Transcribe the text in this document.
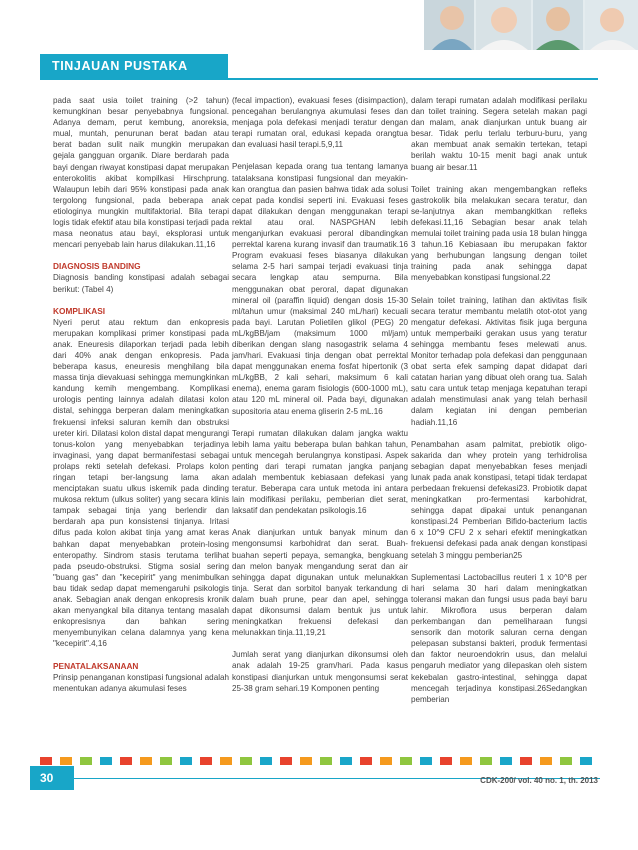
TINJAUAN PUSTAKA

pada saat usia toilet training (>2 tahun) kemungkinan besar penyebabnya fungsional. Adanya demam, perut kembung, anoreksia, mual, muntah, penurunan berat badan atau berat badan sulit naik mungkin merupakan gejala gangguan organik. Diare berdarah pada bayi dengan riwayat konstipasi dapat merupakan enterokolitis akibat kompilkasi Hirschprung. Walaupun lebih dari 95% konstipasi pada anak tergolong fungsional, pada beberapa anak etiologinya mungkin multifaktorial. Bila terapi logis tidak efektif atau bila konstipasi terjadi pada masa neonatus atau bayi, eksplorasi untuk mencari penyebab lain harus dilakukan.11,16

DIAGNOSIS BANDING

Diagnosis banding konstipasi adalah sebagai berikut: (Tabel 4)

KOMPLIKASI

Nyeri perut atau rektum dan enkopresis merupakan komplikasi primer konstipasi pada anak. Eneuresis dilaporkan terjadi pada lebih dari 40% anak dengan enkopresis. Pada beberapa kasus, eneuresis menghilang bila massa tinja dievakuasi sehingga memungkinkan kandung kemih mengembang. Komplikasi urologis penting lainnya adalah dilatasi kolon distal, sehingga berperan dalam meningkatkan frekuensi infeksi saluran kemih dan obstruksi ureter kiri. Dilatasi kolon distal dapat mengurangi tonus-kolon yang menyebabkan terjadinya invaginasi, yang dapat bermanifestasi sebagai prolaps rekti setelah defekasi. Prolaps kolon ringan tetapi ber-langsung lama akan menciptakan suatu ulkus iskemik pada dinding mukosa rektum (ulkus soliter) yang secara klinis tampak sebagai tinja yang berlendir dan berdarah apa pun konsistensi tinjanya. Iritasi difus pada kolon akibat tinja yang amat keras bahkan dapat menyebabkan protein-losing enteropathy. Sindrom stasis terutama terlihat pada pseudo-obstruksi. Stigma sosial sering "buang gas" dan "kecepirit" yang menimbulkan bau tidak sedap dapat memengaruhi psikologis anak. Sebagian anak dengan enkopresis kronik akan menyangkal bila ditanya tentang masalah enkopresisnya dan bahkan sering menyembunyikan celana dalamnya yang kena "kecepirit".4,16

PENATALAKSANAAN

Prinsip penanganan konstipasi fungsional adalah menentukan adanya akumulasi feses

(fecal impaction), evakuasi feses (disimpaction), pencegahan berulangnya akumulasi feses dan menjaga pola defekasi menjadi teratur dengan terapi rumatan oral, edukasi kepada orangtua dan evaluasi hasil terapi.5,9,11

Penjelasan kepada orang tua tentang lamanya tatalaksana konstipasi fungsional dan meyakin-kan orangtua dan pasien bahwa tidak ada solusi cepat pada kondisi seperti ini. Evakuasi feses dapat dilakukan dengan menggunakan terapi rektal atau oral. NASPGHAN lebih menganjurkan evakuasi peroral dibandingkan perrektal karena kurang invasif dan traumatik.16 Program evakuasi feses biasanya dilakukan selama 2-5 hari sampai terjadi evakuasi tinja secara lengkap atau sempurna. Bila menggunakan obat peroral, dapat digunakan mineral oil (paraffin liquid) dengan dosis 15-30 ml/tahun umur (maksimal 240 mL/hari) kecuali pada bayi. Larutan Polietilen glikol (PEG) 20 mL/kgBB/jam (maksimum 1000 ml/jam) diberikan dengan slang nasogastrik selama 4 jam/hari. Evakuasi tinja dengan obat perrektal dapat menggunakan enema fosfat hipertonik (3 mL/kgBB, 2 kali sehari, maksimum 6 kali enema), enema garam fisiologis (600-1000 mL), atau 120 mL mineral oil. Pada bayi, digunakan supositoria atau enema gliserin 2-5 mL.16

Terapi rumatan dilakukan dalam jangka waktu lebih lama yaitu beberapa bulan bahkan tahun, untuk mencegah berulangnya konstipasi. Aspek penting dari terapi rumatan jangka panjang adalah membentuk kebiasaan defekasi yang teratur. Beberapa cara untuk metoda ini antara lain modifikasi perilaku, pemberian diet serat, laksatif dan pendekatan psikologis.16

Anak dianjurkan untuk banyak minum dan mengonsumsi karbohidrat dan serat. Buah-buahan seperti pepaya, semangka, bengkuang dan melon banyak mengandung serat dan air sehingga dapat digunakan untuk melunakkan tinja. Serat dan sorbitol banyak terkandung di dalam buah prune, pear dan apel, sehingga dapat dikonsumsi dalam bentuk jus untuk meningkatkan frekuensi defekasi dan melunakkan tinja.11,19,21

Jumlah serat yang dianjurkan dikonsumsi oleh anak adalah 19-25 gram/hari. Pada kasus konstipasi dianjurkan untuk mengonsumsi serat 25-38 gram sehari.19 Komponen penting

dalam terapi rumatan adalah modifikasi perilaku dan toilet training. Segera setelah makan pagi dan malam, anak dianjurkan untuk buang air besar. Tidak perlu terlalu terburu-buru, yang akan membuat anak semakin tertekan, tetapi berilah waktu 10-15 menit bagi anak untuk buang air besar.11

Toilet training akan mengembangkan refleks gastrokolik bila melakukan secara teratur, dan se-lanjutnya akan membangkitkan refleks defekasi.11,16 Sebagian besar anak telah memulai toilet training pada usia 18 bulan hingga 3 tahun.16 Kebiasaan ibu merupakan faktor yang berhubungan langsung dengan toilet training pada anak sehingga dapat menyebabkan konstipasi fungsional.22

Selain toilet training, latihan dan aktivitas fisik secara teratur membantu melatih otot-otot yang mengatur defekasi. Aktivitas fisik juga berguna untuk memperbaiki gerakan usus yang teratur sehingga membantu feses melewati anus. Monitor terhadap pola defekasi dan penggunaan obat serta efek samping dapat didapat dari catatan harian yang dibuat oleh orang tua. Salah satu cara untuk tetap menjaga kepatuhan terapi adalah menstimulasi anak yang telah berhasil dalam kegiatan ini dengan pemberian hadiah.11,16

Penambahan asam palmitat, prebiotik oligo-sakarida dan whey protein yang terhidrolisa sebagian dapat menyebabkan feses menjadi lunak pada anak konstipasi, tetapi tidak terdapat perbedaan frekuensi defekasi23. Probiotik dapat meningkatkan pro-fermentasi karbohidrat, sehingga dapat dipakai untuk penanganan konstipasi.24 Pemberian Bifido-bacterium lactis 6 x 10^9 CFU 2 x sehari efektif meningkatkan frekuensi defekasi pada anak dengan konstipasi setelah 3 minggu pemberian25

Suplementasi Lactobacillus reuteri 1 x 10^8 per hari selama 30 hari dalam meningkatkan toleransi makan dan fungsi usus pada bayi baru lahir. Mikroflora usus berperan dalam perkembangan dan pemeliharaan fungsi sensorik dan motorik saluran cerna dengan pelepasan substansi bakteri, produk fermentasi dan faktor neuroendokrin usus, dan melalui pengaruh mediator yang dilepaskan oleh sistem kekebalan gastro-intestinal, sehingga dapat mencegah terjadinya konstipasi.26Sedangkan pemberian

30	CDK-200/ vol. 40 no. 1, th. 2013
